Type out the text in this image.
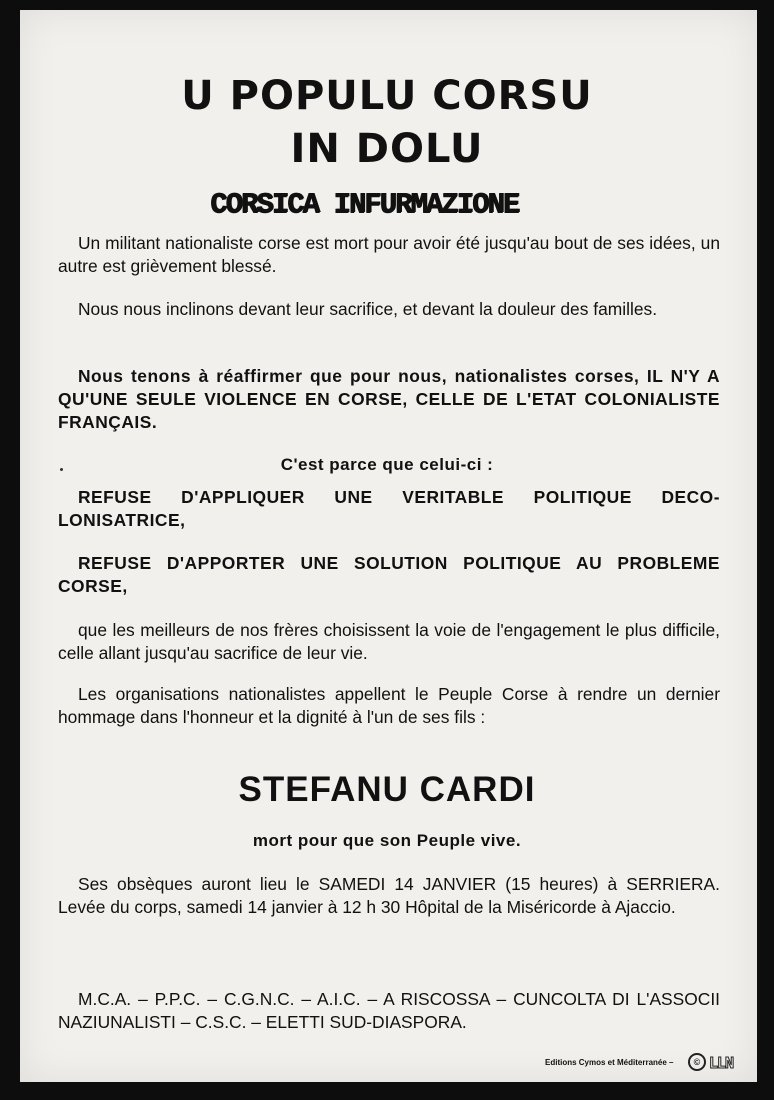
U POPULU CORSU
IN DOLU
CORSICA INFURMAZIONE

Un militant nationaliste corse est mort pour avoir été jusqu'au bout de ses idées, un autre est grièvement blessé.

Nous nous inclinons devant leur sacrifice, et devant la douleur des familles.

Nous tenons à réaffirmer que pour nous, nationalistes corses, IL N'Y A QU'UNE SEULE VIOLENCE EN CORSE, CELLE DE L'ETAT COLONIALISTE FRANÇAIS.

C'est parce que celui-ci :

REFUSE D'APPLIQUER UNE VERITABLE POLITIQUE DECO-LONISATRICE,

REFUSE D'APPORTER UNE SOLUTION POLITIQUE AU PROBLEME CORSE,

que les meilleurs de nos frères choisissent la voie de l'engagement le plus difficile, celle allant jusqu'au sacrifice de leur vie.

Les organisations nationalistes appellent le Peuple Corse à rendre un dernier hommage dans l'honneur et la dignité à l'un de ses fils :

STEFANU CARDI

mort pour que son Peuple vive.

Ses obsèques auront lieu le SAMEDI 14 JANVIER (15 heures) à SERRIERA. Levée du corps, samedi 14 janvier à 12 h 30 Hôpital de la Miséricorde à Ajaccio.

M.C.A. – P.P.C. – C.G.N.C. – A.I.C. – A RISCOSSA – CUNCOLTA DI L'ASSOCII NAZIUNALISTI – C.S.C. – ELETTI SUD-DIASPORA.

Editions Cymos et Méditerranée –	© LLN
